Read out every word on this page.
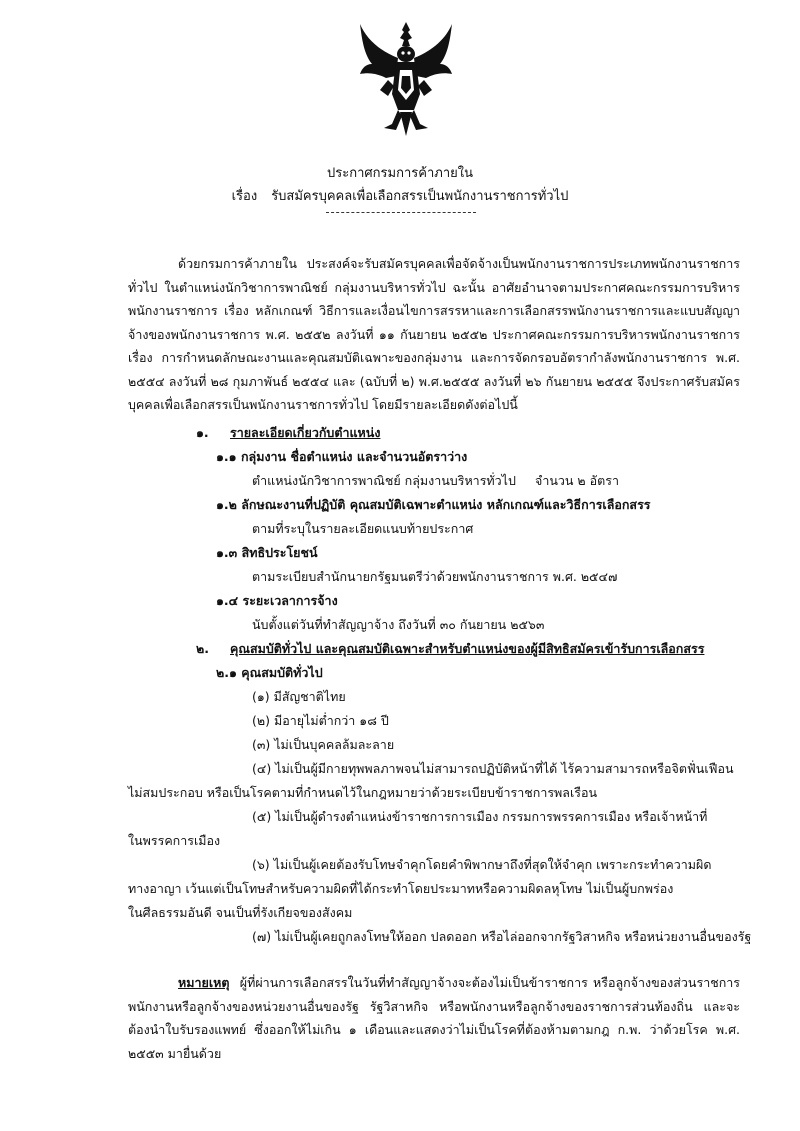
ประกาศกรมการค้าภายใน
เรื่อง รับสมัครบุคคลเพื่อเลือกสรรเป็นพนักงานราชการทั่วไป
ด้วยกรมการค้าภายใน ประสงค์จะรับสมัครบุคคลเพื่อจัดจ้างเป็นพนักงานราชการประเภทพนักงานราชการทั่วไป ในตำแหน่งนักวิชาการพาณิชย์ กลุ่มงานบริหารทั่วไป ฉะนั้น อาศัยอำนาจตามประกาศคณะกรรมการบริหารพนักงานราชการ เรื่อง หลักเกณฑ์ วิธีการและเงื่อนไขการสรรหาและการเลือกสรรพนักงานราชการและแบบสัญญาจ้างของพนักงานราชการ พ.ศ. ๒๕๕๒ ลงวันที่ ๑๑ กันยายน ๒๕๕๒ ประกาศคณะกรรมการบริหารพนักงานราชการ เรื่อง การกำหนดลักษณะงานและคุณสมบัติเฉพาะของกลุ่มงาน และการจัดกรอบอัตรากำลังพนักงานราชการ พ.ศ. ๒๕๕๔ ลงวันที่ ๒๘ กุมภาพันธ์ ๒๕๕๔ และ (ฉบับที่ ๒) พ.ศ.๒๕๕๕ ลงวันที่ ๒๖ กันยายน ๒๕๕๕ จึงประกาศรับสมัครบุคคลเพื่อเลือกสรรเป็นพนักงานราชการทั่วไป โดยมีรายละเอียดดังต่อไปนี้
๑. รายละเอียดเกี่ยวกับตำแหน่ง
๑.๑ กลุ่มงาน ชื่อตำแหน่ง และจำนวนอัตราว่าง
ตำแหน่งนักวิชาการพาณิชย์ กลุ่มงานบริหารทั่วไป จำนวน ๒ อัตรา
๑.๒ ลักษณะงานที่ปฏิบัติ คุณสมบัติเฉพาะตำแหน่ง หลักเกณฑ์และวิธีการเลือกสรร
ตามที่ระบุในรายละเอียดแนบท้ายประกาศ
๑.๓ สิทธิประโยชน์
ตามระเบียบสำนักนายกรัฐมนตรีว่าด้วยพนักงานราชการ พ.ศ. ๒๕๔๗
๑.๔ ระยะเวลาการจ้าง
นับตั้งแต่วันที่ทำสัญญาจ้าง ถึงวันที่ ๓๐ กันยายน ๒๕๖๓
๒. คุณสมบัติทั่วไป และคุณสมบัติเฉพาะสำหรับตำแหน่งของผู้มีสิทธิสมัครเข้ารับการเลือกสรร
๒.๑ คุณสมบัติทั่วไป
(๑) มีสัญชาติไทย
(๒) มีอายุไม่ต่ำกว่า ๑๘ ปี
(๓) ไม่เป็นบุคคลล้มละลาย
(๔) ไม่เป็นผู้มีกายทุพพลภาพจนไม่สามารถปฏิบัติหน้าที่ได้ ไร้ความสามารถหรือจิตฟั่นเฟือน
ไม่สมประกอบ หรือเป็นโรคตามที่กำหนดไว้ในกฎหมายว่าด้วยระเบียบข้าราชการพลเรือน
(๕) ไม่เป็นผู้ดำรงตำแหน่งข้าราชการการเมือง กรรมการพรรคการเมือง หรือเจ้าหน้าที่
ในพรรคการเมือง
(๖) ไม่เป็นผู้เคยต้องรับโทษจำคุกโดยคำพิพากษาถึงที่สุดให้จำคุก เพราะกระทำความผิด
ทางอาญา เว้นแต่เป็นโทษสำหรับความผิดที่ได้กระทำโดยประมาทหรือความผิดลหุโทษ ไม่เป็นผู้บกพร่อง
ในศีลธรรมอันดี จนเป็นที่รังเกียจของสังคม
(๗) ไม่เป็นผู้เคยถูกลงโทษให้ออก ปลดออก หรือไล่ออกจากรัฐวิสาหกิจ หรือหน่วยงานอื่นของรัฐ
หมายเหตุ ผู้ที่ผ่านการเลือกสรรในวันที่ทำสัญญาจ้างจะต้องไม่เป็นข้าราชการ หรือลูกจ้างของส่วนราชการ พนักงานหรือลูกจ้างของหน่วยงานอื่นของรัฐ รัฐวิสาหกิจ หรือพนักงานหรือลูกจ้างของราชการส่วนท้องถิ่น และจะต้องนำใบรับรองแพทย์ ซึ่งออกให้ไม่เกิน ๑ เดือนและแสดงว่าไม่เป็นโรคที่ต้องห้ามตามกฎ ก.พ. ว่าด้วยโรค พ.ศ. ๒๕๕๓ มายื่นด้วย
